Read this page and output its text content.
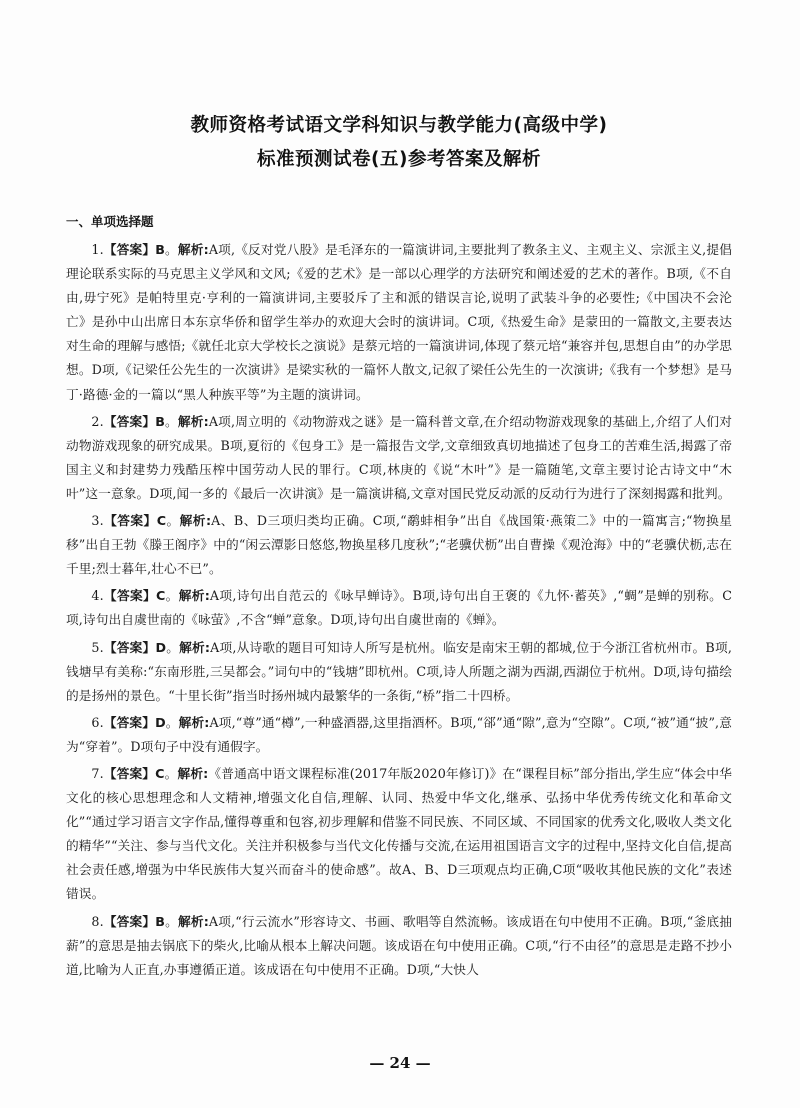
教师资格考试语文学科知识与教学能力(高级中学)
标准预测试卷(五)参考答案及解析
一、单项选择题

1.【答案】B。解析:A项,《反对党八股》是毛泽东的一篇演讲词,主要批判了教条主义、主观主义、宗派主义,提倡理论联系实际的马克思主义学风和文风;《爱的艺术》是一部以心理学的方法研究和阐述爱的艺术的著作。B项,《不自由,毋宁死》是帕特里克·亨利的一篇演讲词,主要驳斥了主和派的错误言论,说明了武装斗争的必要性;《中国决不会沦亡》是孙中山出席日本东京华侨和留学生举办的欢迎大会时的演讲词。C项,《热爱生命》是蒙田的一篇散文,主要表达对生命的理解与感悟;《就任北京大学校长之演说》是蔡元培的一篇演讲词,体现了蔡元培“兼容并包,思想自由”的办学思想。D项,《记梁任公先生的一次演讲》是梁实秋的一篇怀人散文,记叙了梁任公先生的一次演讲;《我有一个梦想》是马丁·路德·金的一篇以“黑人种族平等”为主题的演讲词。

2.【答案】B。解析:A项,周立明的《动物游戏之谜》是一篇科普文章,在介绍动物游戏现象的基础上,介绍了人们对动物游戏现象的研究成果。B项,夏衍的《包身工》是一篇报告文学,文章细致真切地描述了包身工的苦难生活,揭露了帝国主义和封建势力残酷压榨中国劳动人民的罪行。C项,林庚的《说“木叶”》是一篇随笔,文章主要讨论古诗文中“木叶”这一意象。D项,闻一多的《最后一次讲演》是一篇演讲稿,文章对国民党反动派的反动行为进行了深刻揭露和批判。

3.【答案】C。解析:A、B、D三项归类均正确。C项,“鹬蚌相争”出自《战国策·燕策二》中的一篇寓言;“物换星移”出自王勃《滕王阁序》中的“闲云潭影日悠悠,物换星移几度秋”;“老骥伏枥”出自曹操《观沧海》中的“老骥伏枥,志在千里;烈士暮年,壮心不已”。

4.【答案】C。解析:A项,诗句出自范云的《咏早蝉诗》。B项,诗句出自王褒的《九怀·蓄英》,“蜩”是蝉的别称。C项,诗句出自虞世南的《咏萤》,不含“蝉”意象。D项,诗句出自虞世南的《蝉》。

5.【答案】D。解析:A项,从诗歌的题目可知诗人所写是杭州。临安是南宋王朝的都城,位于今浙江省杭州市。B项,钱塘早有美称:“东南形胜,三吴都会。”词句中的“钱塘”即杭州。C项,诗人所题之湖为西湖,西湖位于杭州。D项,诗句描绘的是扬州的景色。“十里长街”指当时扬州城内最繁华的一条街,“桥”指二十四桥。

6.【答案】D。解析:A项,“尊”通“樽”,一种盛酒器,这里指酒杯。B项,“郤”通“隙”,意为“空隙”。C项,“被”通“披”,意为“穿着”。D项句子中没有通假字。

7.【答案】C。解析:《普通高中语文课程标准(2017年版2020年修订)》在“课程目标”部分指出,学生应“体会中华文化的核心思想理念和人文精神,增强文化自信,理解、认同、热爱中华文化,继承、弘扬中华优秀传统文化和革命文化”“通过学习语言文字作品,懂得尊重和包容,初步理解和借鉴不同民族、不同区域、不同国家的优秀文化,吸收人类文化的精华”“关注、参与当代文化。关注并积极参与当代文化传播与交流,在运用祖国语言文字的过程中,坚持文化自信,提高社会责任感,增强为中华民族伟大复兴而奋斗的使命感”。故A、B、D三项观点均正确,C项“吸收其他民族的文化”表述错误。

8.【答案】B。解析:A项,“行云流水”形容诗文、书画、歌唱等自然流畅。该成语在句中使用不正确。B项,“釜底抽薪”的意思是抽去锅底下的柴火,比喻从根本上解决问题。该成语在句中使用正确。C项,“行不由径”的意思是走路不抄小道,比喻为人正直,办事遵循正道。该成语在句中使用不正确。D项,“大快人

— 24 —
